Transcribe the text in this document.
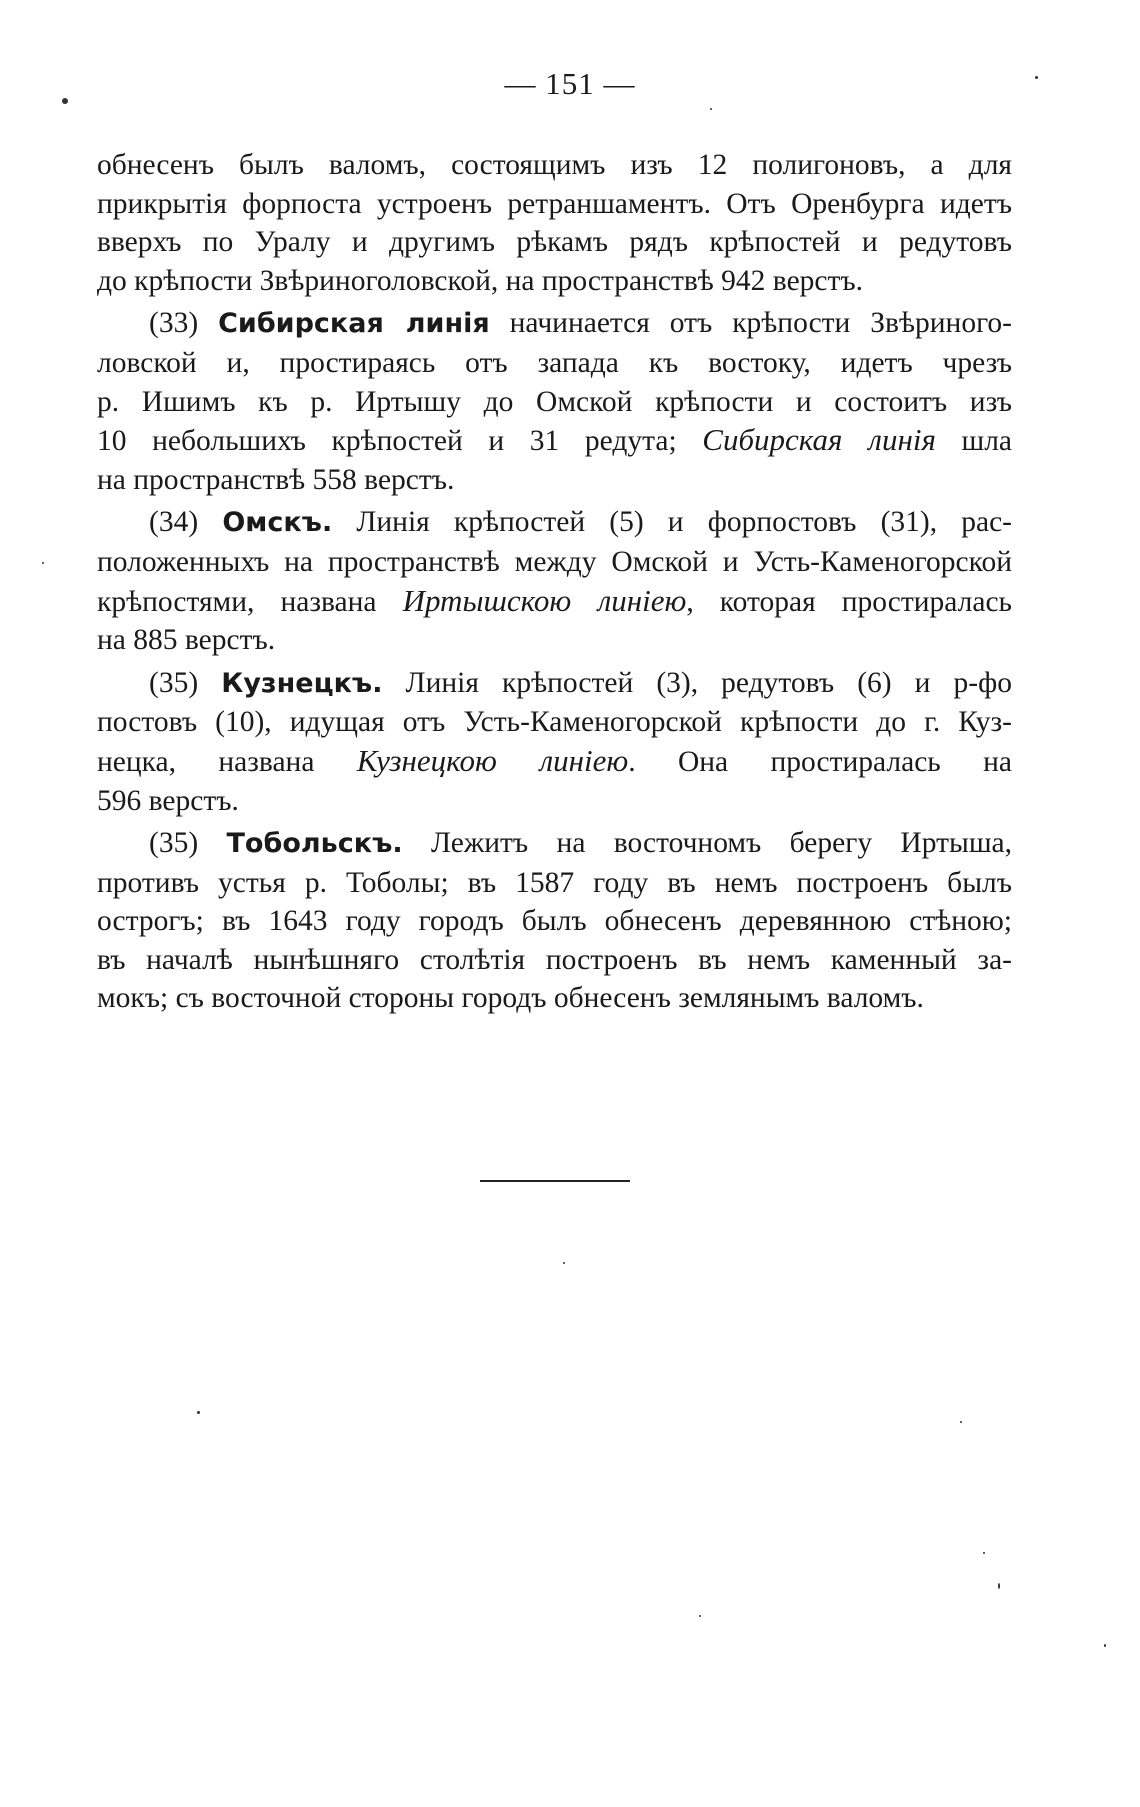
— 151 —
обнесенъ былъ валомъ, состоящимъ изъ 12 полигоновъ, а для
прикрытія форпоста устроенъ ретраншаментъ. Отъ Оренбурга идетъ
вверхъ по Уралу и другимъ рѣкамъ рядъ крѣпостей и редутовъ
до крѣпости Звѣриноголовской, на пространствѣ 942 верстъ.
(33) Сибирская линія начинается отъ крѣпости Звѣриного-
ловской и, простираясь отъ запада къ востоку, идетъ чрезъ
р. Ишимъ къ р. Иртышу до Омской крѣпости и состоитъ изъ
10 небольшихъ крѣпостей и 31 редута; Сибирская линія шла
на пространствѣ 558 верстъ.
(34) Омскъ. Линія крѣпостей (5) и форпостовъ (31), рас-
положенныхъ на пространствѣ между Омской и Усть-Каменогорской
крѣпостями, названа Иртышскою линіею, которая простиралась
на 885 верстъ.
(35) Кузнецкъ. Линія крѣпостей (3), редутовъ (6) и р-фо
постовъ (10), идущая отъ Усть-Каменогорской крѣпости до г. Куз-
нецка, названа Кузнецкою линіею. Она простиралась на
596 верстъ.
(35) Тобольскъ. Лежитъ на восточномъ берегу Иртыша,
противъ устья р. Тоболы; въ 1587 году въ немъ построенъ былъ
острогъ; въ 1643 году городъ былъ обнесенъ деревянною стѣною;
въ началѣ нынѣшняго столѣтія построенъ въ немъ каменный за-
мокъ; съ восточной стороны городъ обнесенъ землянымъ валомъ.
